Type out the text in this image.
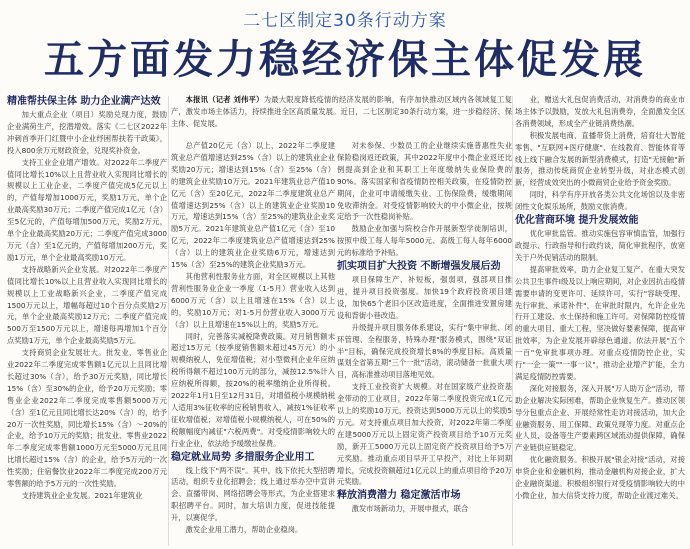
二七区制定30条行动方案
五方面发力稳经济保主体促发展

精准帮扶保主体 助力企业满产达效

加大重点企业（项目）奖励兑现力度，鼓励企业满荷生产，挖潜增效。落实《二七区2022年冲刺首季开门红暨中小企业纾困帮扶若干政策》，投入800余万元财政资金，兑现奖补资金。

支持工业企业增产增效。对2022年二季度产值同比增长10%以上且营业收入实现同比增长的规模以上工业企业，二季度产值完成5亿元以上的，产值每增加1000万元，奖励1万元，单个企业最高奖励30万元；二季度产值完成1亿元（含）至5亿元的，产值每增加500万元，奖励2万元，单个企业最高奖励20万元；二季度产值完成3000万元（含）至1亿元的，产值每增加200万元，奖励1万元，单个企业最高奖励10万元。

支持战略新兴企业发展。对2022年二季度产值同比增长10%以上且营业收入实现同比增长的规模以上工业战略新兴企业，二季度产值完成1500万元以上，增幅每超过10个百分点奖励2万元，单个企业最高奖励12万元；二季度产值完成500万至1500万元以上，增速每再增加1个百分点奖励1万元，单个企业最高奖励5万元。

支持商贸企业发展壮大。批发业、零售业企业2022年二季度完成零售额1亿元以上且同比增长超过30%（含），给予30万元奖励，同比增长15%（含）至30%的企业，给予20万元奖励；零售业企业2022年二季度完成零售额5000万元（含）至1亿元且同比增长达20%（含）的，给予20万一次性奖励，同比增长15%（含）～20%的企业，给予10万元的奖励；批发业、零售业2022年二季度完成零售额1000万元至5000万元且同比增长超过15%（含）的企业，给予5万元的一次性奖励；住宿餐饮业2022年二季度完成200万元零售额的给予5万元的一次性奖励。

支持建筑业企业发展。2021年建筑业

本报讯（记者 刘伟平）为最大限度降低疫情的经济发展的影响，有序加快推动区域内各领域复工复产，激发市场主体活力，持续推进全区高质量发展。近日，二七区制定30条行动方案，进一步稳经济、保主体、促发展。

总产值20亿元（含）以上，2022年二季度建筑业总产值增速达到25%（含）以上的建筑业企业奖励20万元；增速达到15%（含）至25%（含）的建筑企业奖励10万元。2021年建筑业总产值10亿元（含）至20亿元，2022年二季度建筑业总产值增速达到25%（含）以上的建筑业企业奖励10万元，增速达到15%（含）至25%的建筑业企业奖励5万元。2021年建筑业总产值1亿元（含）至10亿元，2022年二季度建筑业总产值增速达到25%（含）以上的建筑业企业奖励6万元，增速达到15%（含）至25%的建筑企业奖励3万元。

其他营利性服务业方面，对全区规模以上其他营利性服务业企业一季度（1-5月）营业收入达到6000万元（含）以上且增速在15%（含）以上的，奖励10万元；对1-5月份营业收入3000万元（含）以上且增速在15%以上的，奖励5万元。

同时，完善落实减税降费政策。对月销售额未超过15万元（按季度销售额未超过45万元）的小规模纳税人，免征增值税；对小型微利企业年应纳税所得额不超过100万元的部分，减按12.5%计入应纳税所得额，按20%的税率缴纳企业所得税。2022年1月1日至12月31日，对增值税小规模纳税人适用3%征收率的应税销售收入，减按1%征收率征收增值税；对增值税小规模纳税人，可在50%的税额幅度内减征"六税两费"。对受疫情影响较大的行业企业，依法给予缓缴社保费。

稳定就业局势 多措服务企业用工

线上线下"两不误"。其中，线下依托大型招聘活动，组织专业化招聘会；线上通过举办空中宣讲会、直播带岗、网络招聘会等形式，为企业搭建求职招聘平台。同时，加大培训力度，促进技能提升，以赛促学。

激发企业用工潜力，帮助企业稳岗。

对未参保、少数员工的企业继续实施普惠性失业保险稳岗返还政策，其中2022年度中小微企业返还比例提高到企业和其职工上年度缴纳失业保险费的90%。落实国家和省疫情防控相关政策，在疫情防控期间，企业可申请缓缴失业、工伤保险费，缓缴期间免收滞纳金。对受疫情影响较大的中小微企业，按规定给予一次性稳岗补贴。

鼓励企业加强与院校合作开展新型学徒制培训，按照中级工每人每年5000元、高级工每人每年6000元的标准给予补贴。

抓实项目扩大投资 不断增强发展后劲

项目保障生产、补短板，强弱项，强部项目推进，提升项目投资强度。加快19个政府投资项目建设，加快65个老旧小区改造进度，全面推进安置房建设和背街小巷改造。

升级提升项目服务体系建设，实行"集中审批、闭环管理、全程服务，特殊办理"服务模式，围绕"双证半"目标，确保完成投资增长8%的季度目标。高质量谋划全省第五期"三个一批"活动，滚动储备一批重大项目，高标准推动项目落地见效。

支持工业投资扩大规模。对在国家级产业投资基金带动的工业项目，2022年第二季度投资完成1亿元以上的奖励10万元，投资达到5000万元以上的奖励5万元。对支持重点项目加大投资，对2022年第二季度在建5000万元以上固定资产投资项目给予10万元奖励，新开工5000万元以上固定资产投资项目给予5万元奖励。推动重点项目早开工早投产，对比上年同期增长，完成投资额超过1亿元以上的重点项目给予20万元奖励。

释放消费潜力 稳定激活市场

激发市场新动力，开展申报式，联合

业，赠送大礼包促消费活动，对消费券的商业市场主体予以鼓励，发放大礼包消费券，全面激发全区各消费领域，形成全产业链消费热潮。

积极发展电商、直播带货上消费，培育壮大智能零售、"互联网+医疗健康"、在线教育、智能体育等线上线下融合发展的新型消费模式，打造"无接触"新服务，推动传统商贸企业转型升级，对业态模式创新，经营成效突出的小微商贸企业给予资金奖励。

同时，科学有序开放各类公共文化场馆以及非密闭性文化娱乐场所，鼓励文旅消费。

优化营商环境 提升发展效能

优化审批监管。推动实施包容审慎监管，加强行政提示、行政指导和行政约谈，简化审批程序，放宽关于户外促销活动的限制。

提高审批效率，助力企业复工复产。在重大突发公共卫生事件Ⅰ级及以上响应期间，对企业因抗击疫情需要申请的变更许可、延续许可，实行"容缺受理、先行审批、承诺补件"，在审批时限内，允许企业先行开工建设、水土保持和施工许可。对保障防控疫情的重大项目、重大工程，坚决做好要素保障，提高审批效率，为企业发展开辟绿色通道。依法开展"五个一百"免审批事项办理。对重点疫情防控企业，实行"一企一策""一事一议"，推动企业增产扩能，全力满足疫情防控需要。

深化对接服务，深入开展"万人助万企"活动，帮助企业解决实际困难，帮助企业恢复生产。推动区领导分包重点企业、开展经常性走访对接活动，加大企业融资服务、用工保障、政策兑现等力度。对重点企业人员、设备等生产要素跨区域流动提供保障，确保产业链供应链稳定。

优化融资服务。积极开展"银企对接"活动，对接申贷企业和金融机构，推动金融机构对接企业，扩大企业融资渠道。积极组织银行对受疫情影响较大的中小微企业，加大信贷支持力度，帮助企业渡过难关。
